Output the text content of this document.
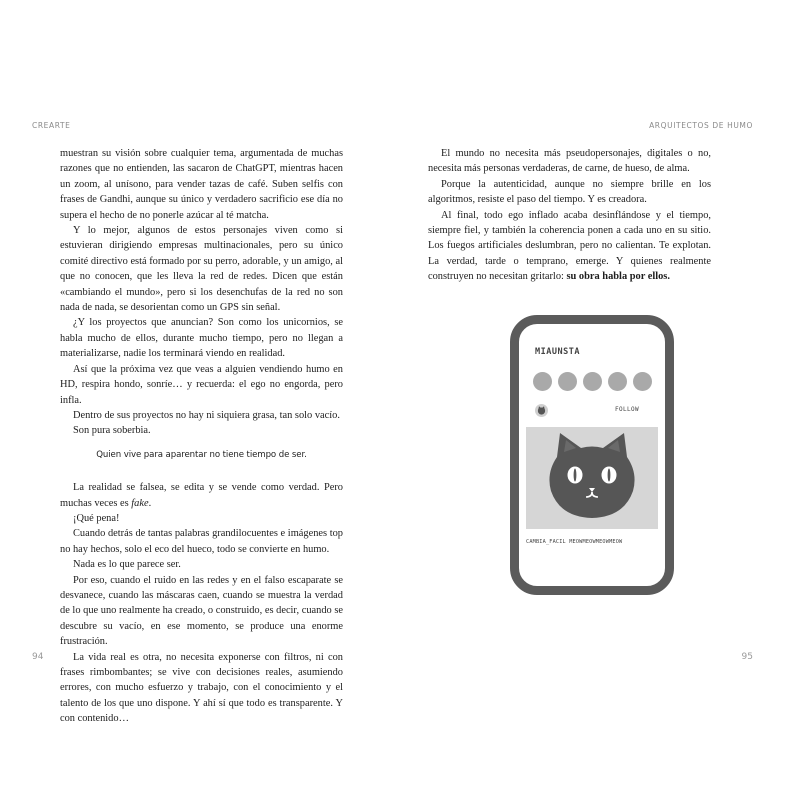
CREARTE

muestran su visión sobre cualquier tema, argumentada de muchas razones que no entienden, las sacaron de ChatGPT, mientras hacen un zoom, al unísono, para vender tazas de café. Suben selfis con frases de Gandhi, aunque su único y verdadero sacrificio ese día no supera el hecho de no ponerle azúcar al té matcha.

Y lo mejor, algunos de estos personajes viven como si estuvieran dirigiendo empresas multinacionales, pero su único comité directivo está formado por su perro, adorable, y un amigo, al que no conocen, que les lleva la red de redes. Dicen que están «cambiando el mundo», pero si los desenchufas de la red no son nada de nada, se desorientan como un GPS sin señal.

¿Y los proyectos que anuncian? Son como los unicornios, se habla mucho de ellos, durante mucho tiempo, pero no llegan a materializarse, nadie los terminará viendo en realidad.

Así que la próxima vez que veas a alguien vendiendo humo en HD, respira hondo, sonríe… y recuerda: el ego no engorda, pero infla.

Dentro de sus proyectos no hay ni siquiera grasa, tan solo vacío.

Son pura soberbia.

Quien vive para aparentar no tiene tiempo de ser.

La realidad se falsea, se edita y se vende como verdad. Pero muchas veces es fake.

¡Qué pena!

Cuando detrás de tantas palabras grandilocuentes e imágenes top no hay hechos, solo el eco del hueco, todo se convierte en humo.

Nada es lo que parece ser.

Por eso, cuando el ruido en las redes y en el falso escaparate se desvanece, cuando las máscaras caen, cuando se muestra la verdad de lo que uno realmente ha creado, o construido, es decir, cuando se descubre su vacío, en ese momento, se produce una enorme frustración.

La vida real es otra, no necesita exponerse con filtros, ni con frases rimbombantes; se vive con decisiones reales, asumiendo errores, con mucho esfuerzo y trabajo, con el conocimiento y el talento de los que uno dispone. Y ahí sí que todo es transparente. Y con contenido…

94
ARQUITECTOS DE HUMO

El mundo no necesita más pseudopersonajes, digitales o no, necesita más personas verdaderas, de carne, de hueso, de alma.

Porque la autenticidad, aunque no siempre brille en los algoritmos, resiste el paso del tiempo. Y es creadora.

Al final, todo ego inflado acaba desinflándose y el tiempo, siempre fiel, y también la coherencia ponen a cada uno en su sitio. Los fuegos artificiales deslumbran, pero no calientan. Te explotan. La verdad, tarde o temprano, emerge. Y quienes realmente construyen no necesitan gritarlo: su obra habla por ellos.

MIAUNSTA
FOLLOW
CAMBIA_FACIL MEOWMEOWMEOWMEOW
95
